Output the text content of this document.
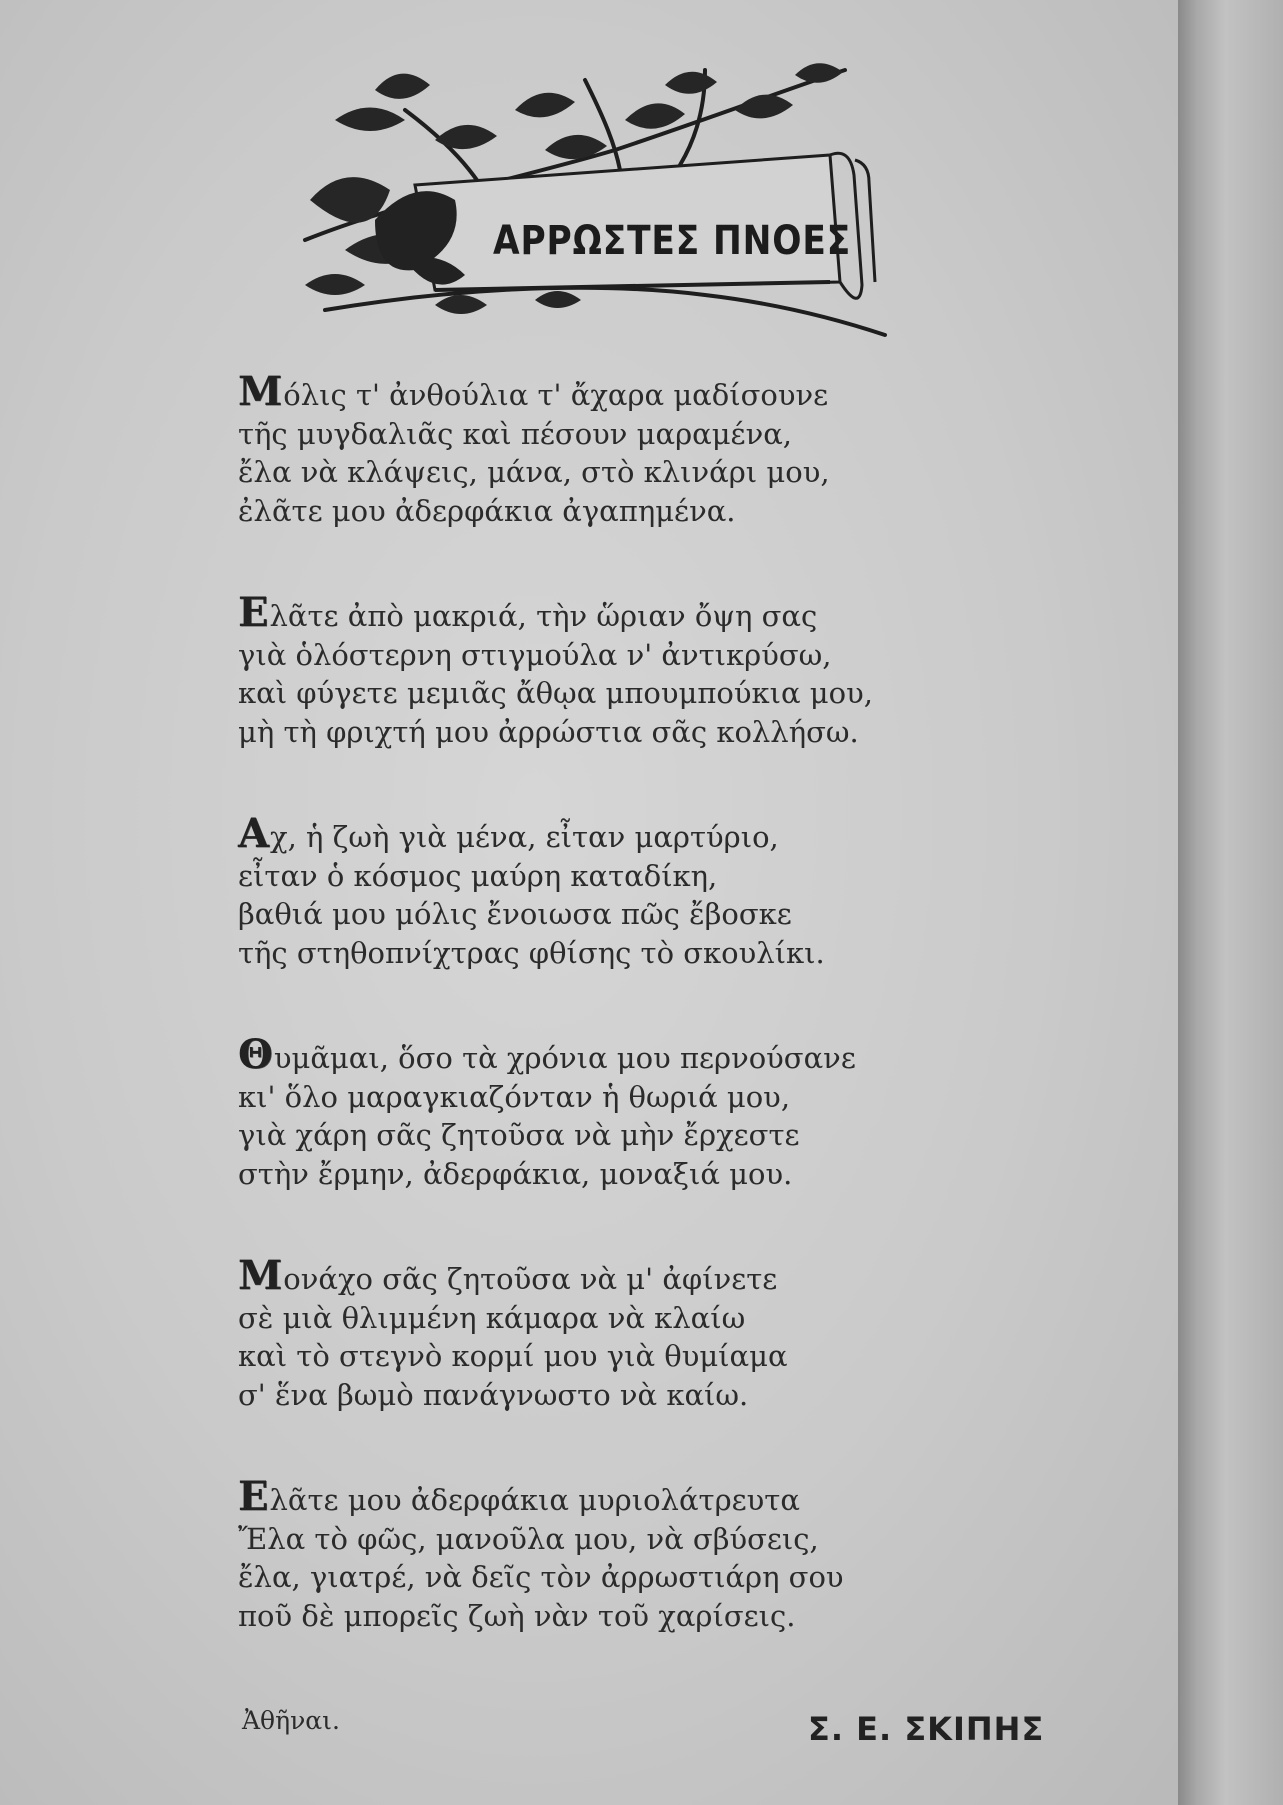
ΑΡΡΩΣΤΕΣ ΠΝΟΕΣ
Μόλις τ' ἀνθούλια τ' ἄχαρα μαδίσουνε
τῆς μυγδαλιᾶς καὶ πέσουν μαραμένα,
ἔλα νὰ κλάψεις, μάνα, στὸ κλινάρι μου,
ἐλᾶτε μου ἀδερφάκια ἀγαπημένα.
Ελᾶτε ἀπὸ μακριά, τὴν ὥριαν ὄψη σας
γιὰ ὁλόστερνη στιγμούλα ν' ἀντικρύσω,
καὶ φύγετε μεμιᾶς ἄθῳα μπουμπούκια μου,
μὴ τὴ φριχτή μου ἀρρώστια σᾶς κολλήσω.
Αχ, ἡ ζωὴ γιὰ μένα, εἶταν μαρτύριο,
εἶταν ὁ κόσμος μαύρη καταδίκη,
βαθιά μου μόλις ἔνοιωσα πῶς ἔβοσκε
τῆς στηθοπνίχτρας φθίσης τὸ σκουλίκι.
Θυμᾶμαι, ὅσο τὰ χρόνια μου περνούσανε
κι' ὅλο μαραγκιαζόνταν ἡ θωριά μου,
γιὰ χάρη σᾶς ζητοῦσα νὰ μὴν ἔρχεστε
στὴν ἔρμην, ἀδερφάκια, μοναξιά μου.
Μονάχο σᾶς ζητοῦσα νὰ μ' ἀφίνετε
σὲ μιὰ θλιμμένη κάμαρα νὰ κλαίω
καὶ τὸ στεγνὸ κορμί μου γιὰ θυμίαμα
σ' ἕνα βωμὸ πανάγνωστο νὰ καίω.
Ελᾶτε μου ἀδερφάκια μυριολάτρευτα
Ἔλα τὸ φῶς, μανοῦλα μου, νὰ σβύσεις,
ἔλα, γιατρέ, νὰ δεῖς τὸν ἀρρωστιάρη σου
ποῦ δὲ μπορεῖς ζωὴ νὰν τοῦ χαρίσεις.
Ἀθῆναι.	Σ. Ε. ΣΚΙΠΗΣ
